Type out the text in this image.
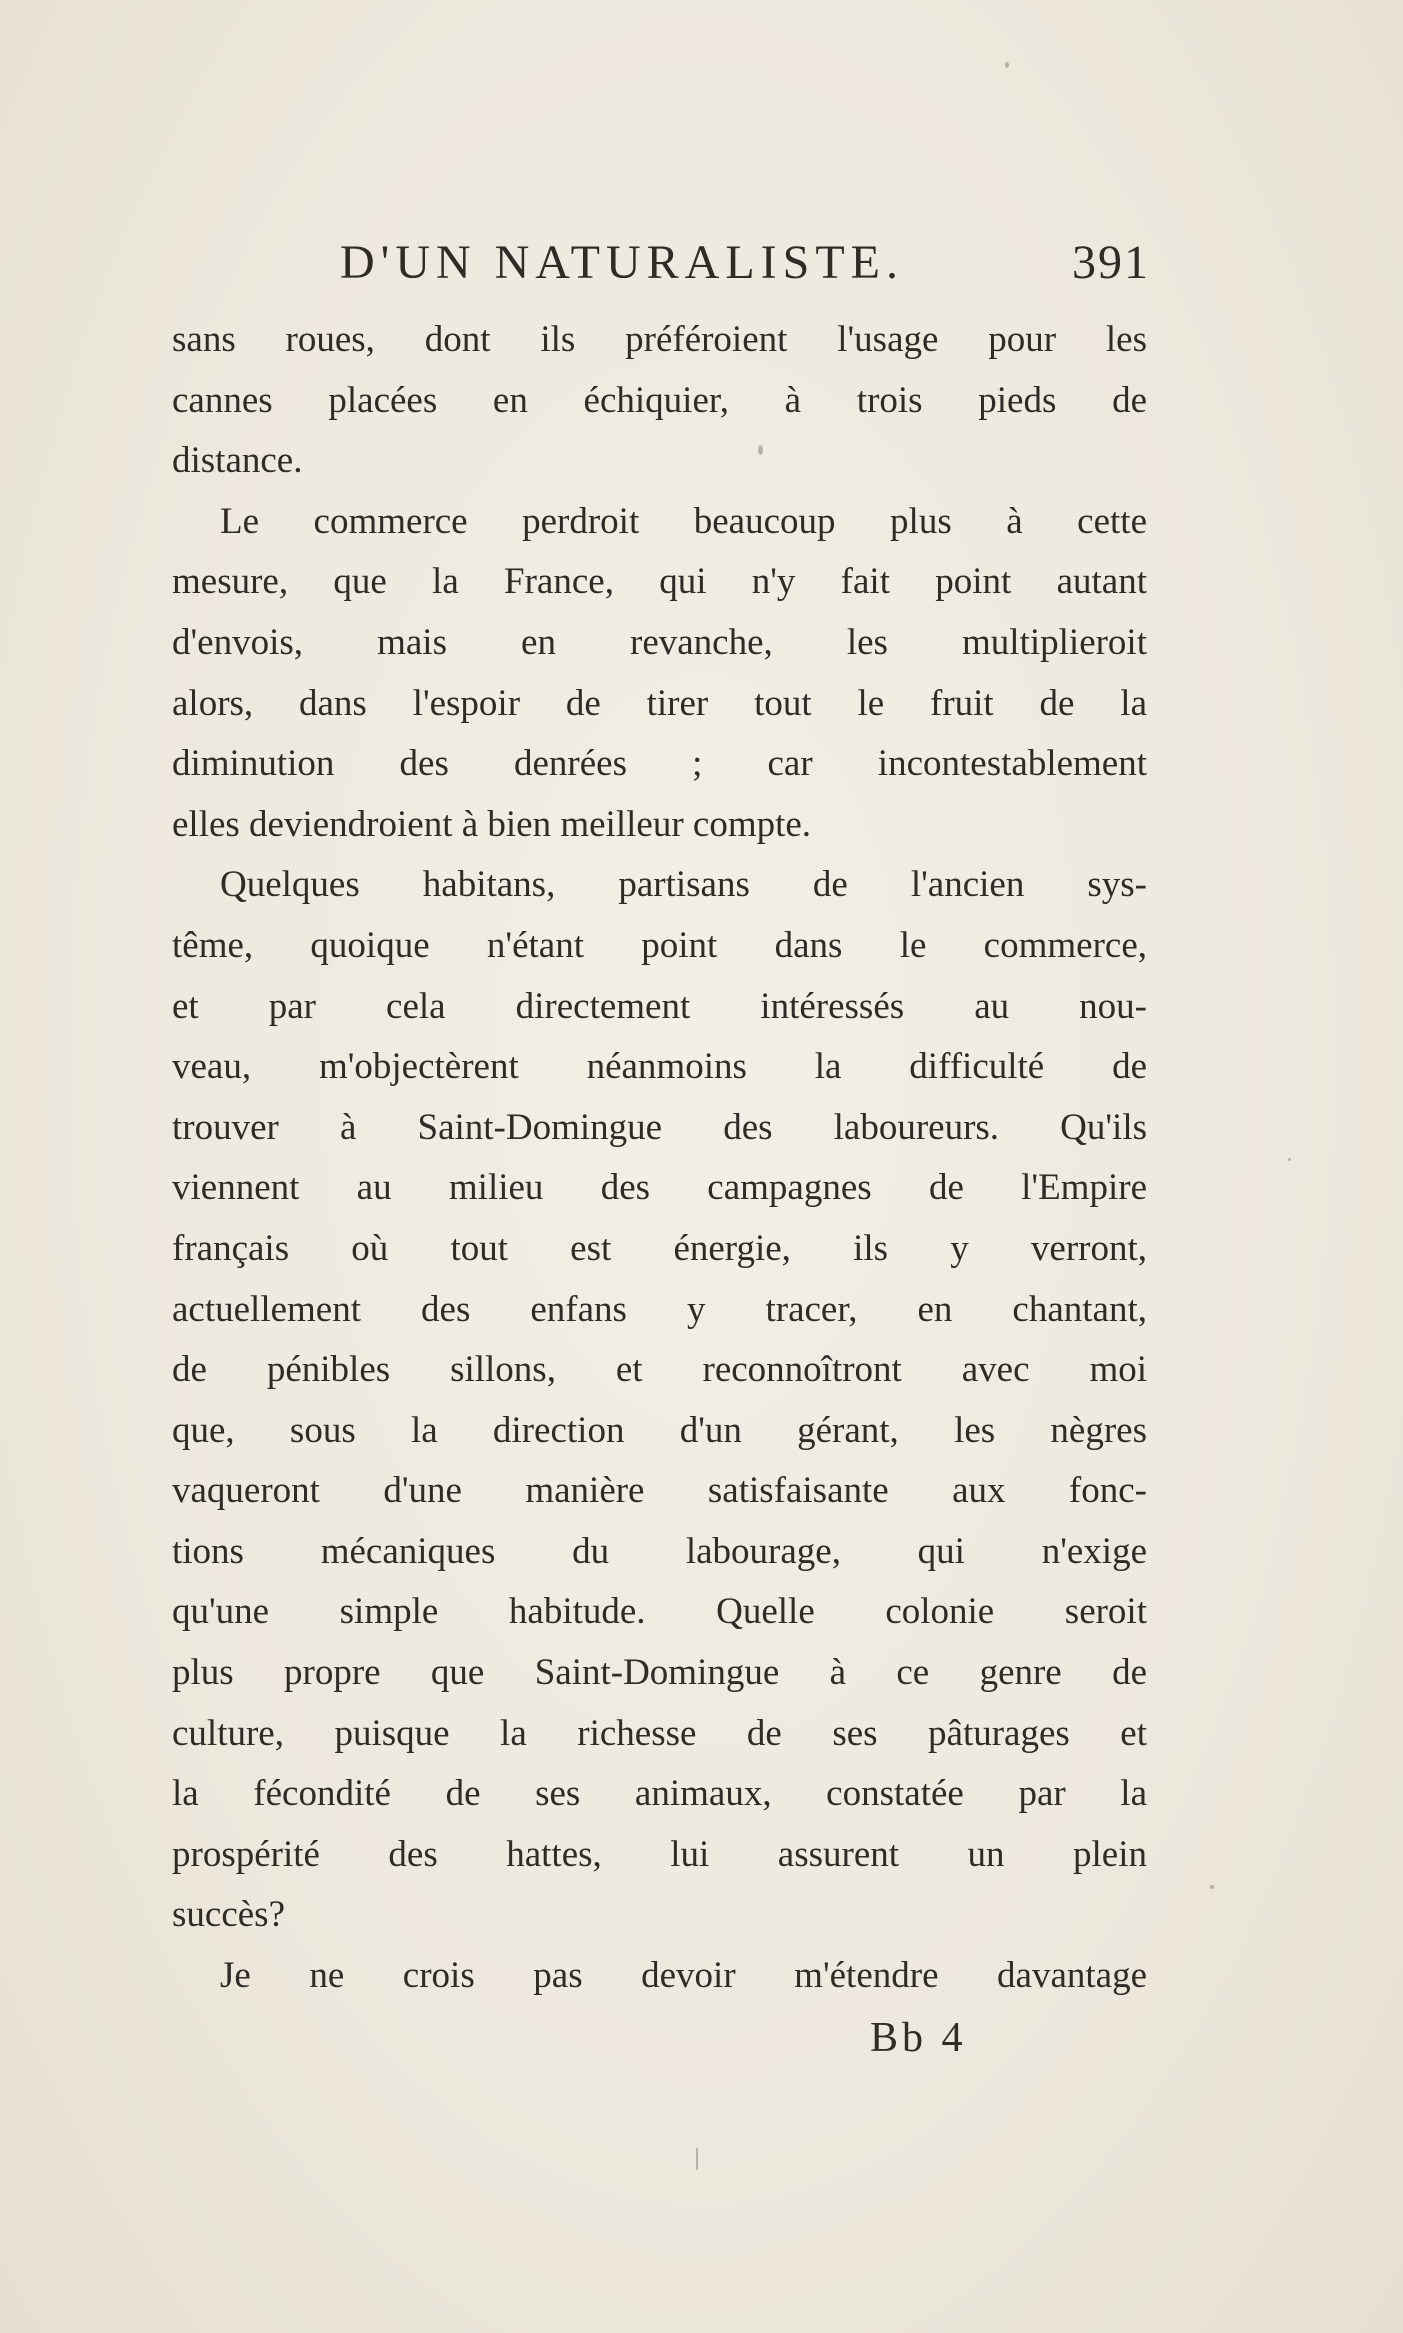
D'UN NATURALISTE.	391
sans roues, dont ils préféroient l'usage pour les
cannes placées en échiquier, à trois pieds de
distance.
Le commerce perdroit beaucoup plus à cette
mesure, que la France, qui n'y fait point autant
d'envois, mais en revanche, les multiplieroit
alors, dans l'espoir de tirer tout le fruit de la
diminution des denrées ; car incontestablement
elles deviendroient à bien meilleur compte.
Quelques habitans, partisans de l'ancien sys-
tême, quoique n'étant point dans le commerce,
et par cela directement intéressés au nou-
veau, m'objectèrent néanmoins la difficulté de
trouver à Saint-Domingue des laboureurs. Qu'ils
viennent au milieu des campagnes de l'Empire
français où tout est énergie, ils y verront,
actuellement des enfans y tracer, en chantant,
de pénibles sillons, et reconnoîtront avec moi
que, sous la direction d'un gérant, les nègres
vaqueront d'une manière satisfaisante aux fonc-
tions mécaniques du labourage, qui n'exige
qu'une simple habitude. Quelle colonie seroit
plus propre que Saint-Domingue à ce genre de
culture, puisque la richesse de ses pâturages et
la fécondité de ses animaux, constatée par la
prospérité des hattes, lui assurent un plein
succès?
Je ne crois pas devoir m'étendre davantage
Bb 4
